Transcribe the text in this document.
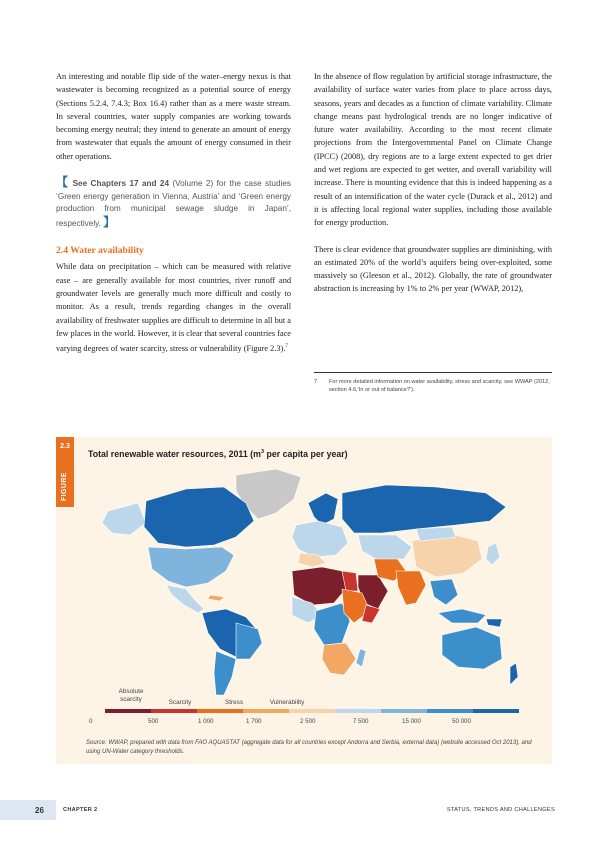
An interesting and notable flip side of the water–energy nexus is that wastewater is becoming recognized as a potential source of energy (Sections 5.2.4, 7.4.3; Box 16.4) rather than as a mere waste stream. In several countries, water supply companies are working towards becoming energy neutral; they intend to generate an amount of energy from wastewater that equals the amount of energy consumed in their other operations.

【 See Chapters 17 and 24 (Volume 2) for the case studies ‘Green energy generation in Vienna, Austria’ and ‘Green energy production from municipal sewage sludge in Japan’, respectively. 】
2.4 Water availability

While data on precipitation – which can be measured with relative ease – are generally available for most countries, river runoff and groundwater levels are generally much more difficult and costly to monitor. As a result, trends regarding changes in the overall availability of freshwater supplies are difficult to determine in all but a few places in the world. However, it is clear that several countries face varying degrees of water scarcity, stress or vulnerability (Figure 2.3).$^7$

In the absence of flow regulation by artificial storage infrastructure, the availability of surface water varies from place to place across days, seasons, years and decades as a function of climate variability. Climate change means past hydrological trends are no longer indicative of future water availability. According to the most recent climate projections from the Intergovernmental Panel on Climate Change (IPCC) (2008), dry regions are to a large extent expected to get drier and wet regions are expected to get wetter, and overall variability will increase. There is mounting evidence that this is indeed happening as a result of an intensification of the water cycle (Durack et al., 2012) and it is affecting local regional water supplies, including those available for energy production.

There is clear evidence that groundwater supplies are diminishing, with an estimated 20% of the world’s aquifers being over-exploited, some massively so (Gleeson et al., 2012). Globally, the rate of groundwater abstraction is increasing by 1% to 2% per year (WWAP, 2012),

7	For more detailed information on water availability, stress and scarcity, see WWAP (2012, section 4.6,‘In or out of balance?’).
2.3
FIGURE
Total renewable water resources, 2011 ($m^3$ per capita per year)
Absolute scarcity	Scarcity	Stress	Vulnerability
0	500	1 000	1 700	2 500	7 500	15 000	50 000
Source: WWAP, prepared with data from FAO AQUASTAT (aggregate data for all countries except Andorra and Serbia, external data) (website accessed Oct 2013), and using UN-Water category thresholds.
26	CHAPTER 2	STATUS, TRENDS AND CHALLENGES
